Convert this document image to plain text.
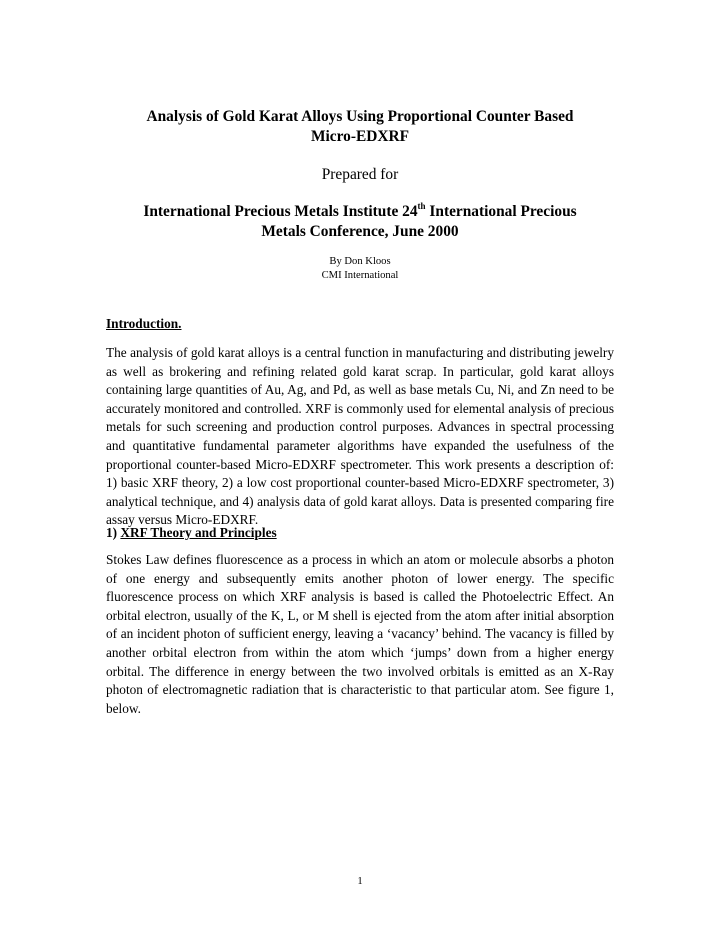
Analysis of Gold Karat Alloys Using Proportional Counter Based
Micro-EDXRF
Prepared for
International Precious Metals Institute 24th International Precious
Metals Conference, June 2000
By Don Kloos
CMI International
Introduction.

The analysis of gold karat alloys is a central function in manufacturing and distributing jewelry as well as brokering and refining related gold karat scrap. In particular, gold karat alloys containing large quantities of Au, Ag, and Pd, as well as base metals Cu, Ni, and Zn need to be accurately monitored and controlled. XRF is commonly used for elemental analysis of precious metals for such screening and production control purposes. Advances in spectral processing and quantitative fundamental parameter algorithms have expanded the usefulness of the proportional counter-based Micro-EDXRF spectrometer. This work presents a description of: 1) basic XRF theory, 2) a low cost proportional counter-based Micro-EDXRF spectrometer, 3) analytical technique, and 4) analysis data of gold karat alloys. Data is presented comparing fire assay versus Micro-EDXRF.

1) XRF Theory and Principles

Stokes Law defines fluorescence as a process in which an atom or molecule absorbs a photon of one energy and subsequently emits another photon of lower energy. The specific fluorescence process on which XRF analysis is based is called the Photoelectric Effect. An orbital electron, usually of the K, L, or M shell is ejected from the atom after initial absorption of an incident photon of sufficient energy, leaving a ‘vacancy’ behind. The vacancy is filled by another orbital electron from within the atom which ‘jumps’ down from a higher energy orbital. The difference in energy between the two involved orbitals is emitted as an X-Ray photon of electromagnetic radiation that is characteristic to that particular atom. See figure 1, below.

1
